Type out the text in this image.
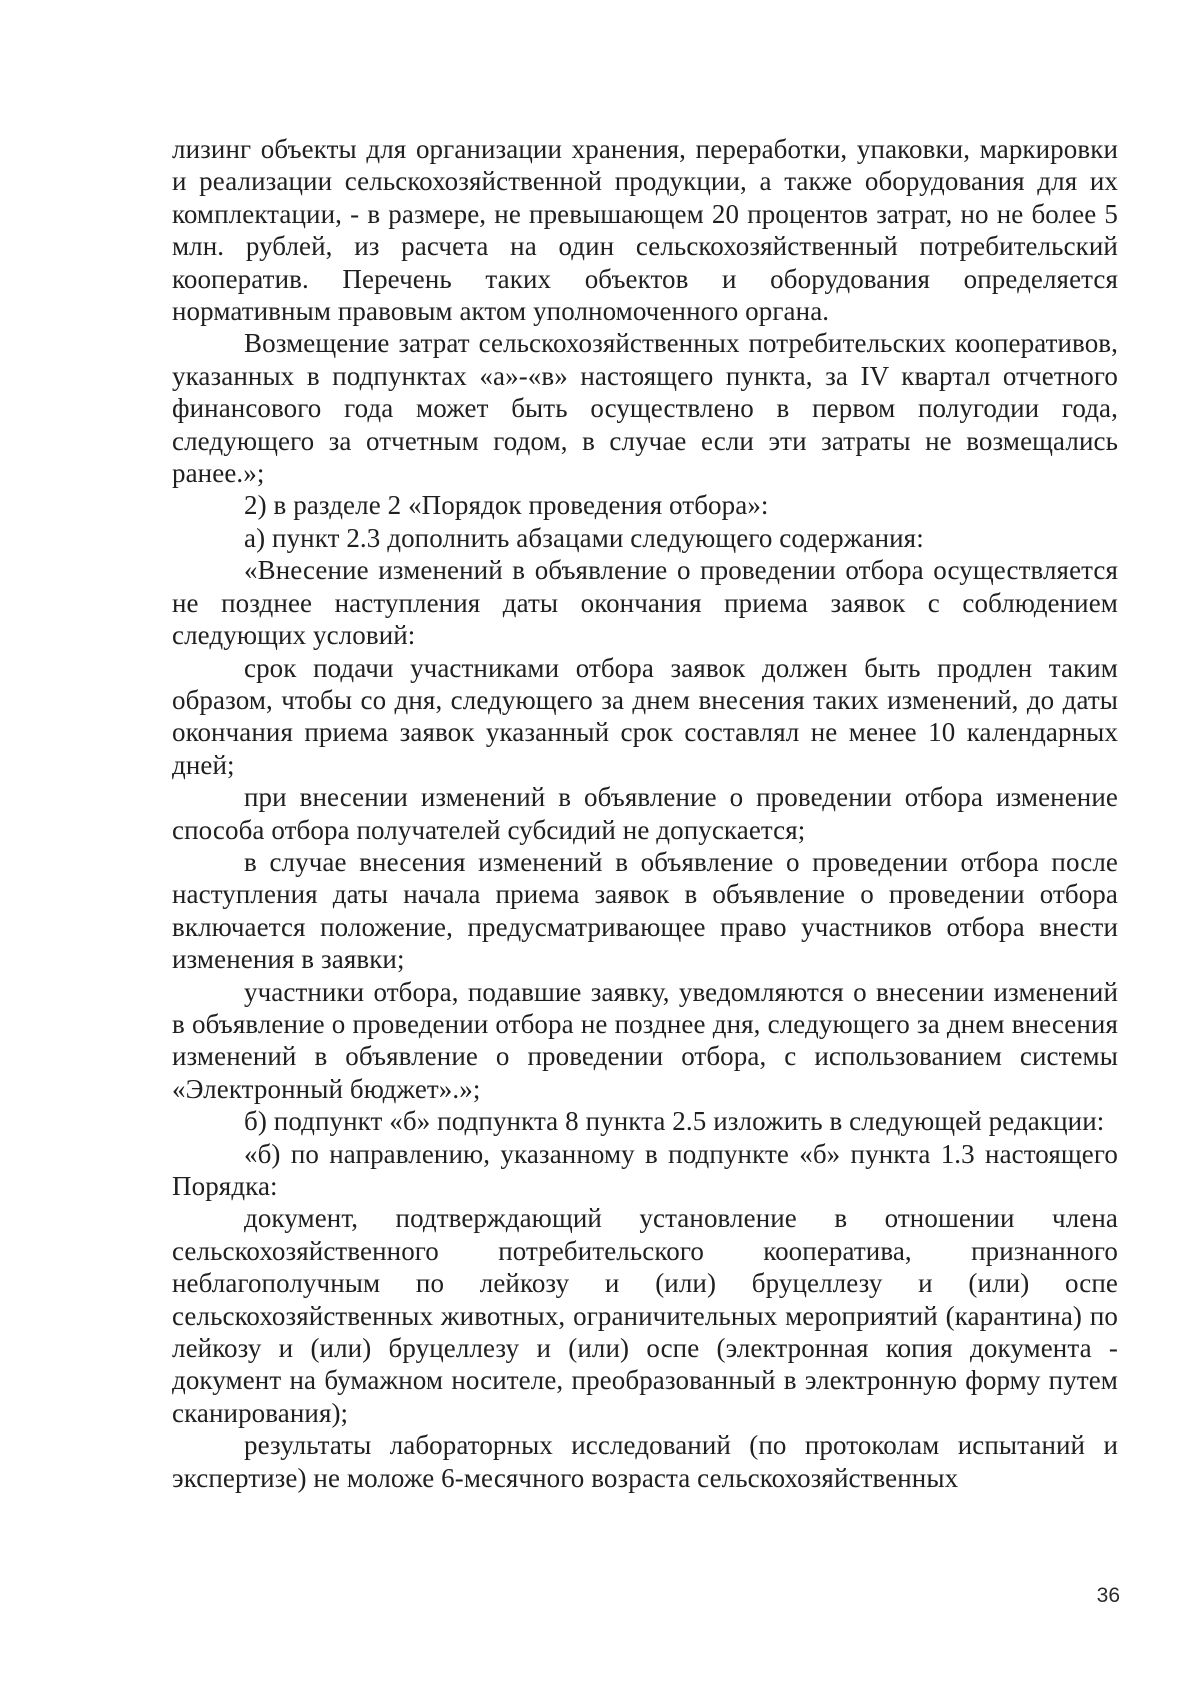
лизинг объекты для организации хранения, переработки, упаковки, маркировки и реализации сельскохозяйственной продукции, а также оборудования для их комплектации, - в размере, не превышающем 20 процентов затрат, но не более 5 млн. рублей, из расчета на один сельскохозяйственный потребительский кооператив. Перечень таких объектов и оборудования определяется нормативным правовым актом уполномоченного органа.

Возмещение затрат сельскохозяйственных потребительских кооперативов, указанных в подпунктах «а»-«в» настоящего пункта, за IV квартал отчетного финансового года может быть осуществлено в первом полугодии года, следующего за отчетным годом, в случае если эти затраты не возмещались ранее.»;

2) в разделе 2 «Порядок проведения отбора»:

а) пункт 2.3 дополнить абзацами следующего содержания:

«Внесение изменений в объявление о проведении отбора осуществляется не позднее наступления даты окончания приема заявок с соблюдением следующих условий:

срок подачи участниками отбора заявок должен быть продлен таким образом, чтобы со дня, следующего за днем внесения таких изменений, до даты окончания приема заявок указанный срок составлял не менее 10 календарных дней;

при внесении изменений в объявление о проведении отбора изменение способа отбора получателей субсидий не допускается;

в случае внесения изменений в объявление о проведении отбора после наступления даты начала приема заявок в объявление о проведении отбора включается положение, предусматривающее право участников отбора внести изменения в заявки;

участники отбора, подавшие заявку, уведомляются о внесении изменений в объявление о проведении отбора не позднее дня, следующего за днем внесения изменений в объявление о проведении отбора, с использованием системы «Электронный бюджет».»;

б) подпункт «б» подпункта 8 пункта 2.5 изложить в следующей редакции:

«б) по направлению, указанному в подпункте «б» пункта 1.3 настоящего Порядка:

документ, подтверждающий установление в отношении члена сельскохозяйственного потребительского кооператива, признанного неблагополучным по лейкозу и (или) бруцеллезу и (или) оспе сельскохозяйственных животных, ограничительных мероприятий (карантина) по лейкозу и (или) бруцеллезу и (или) оспе (электронная копия документа - документ на бумажном носителе, преобразованный в электронную форму путем сканирования);

результаты лабораторных исследований (по протоколам испытаний и экспертизе) не моложе 6-месячного возраста сельскохозяйственных

36
